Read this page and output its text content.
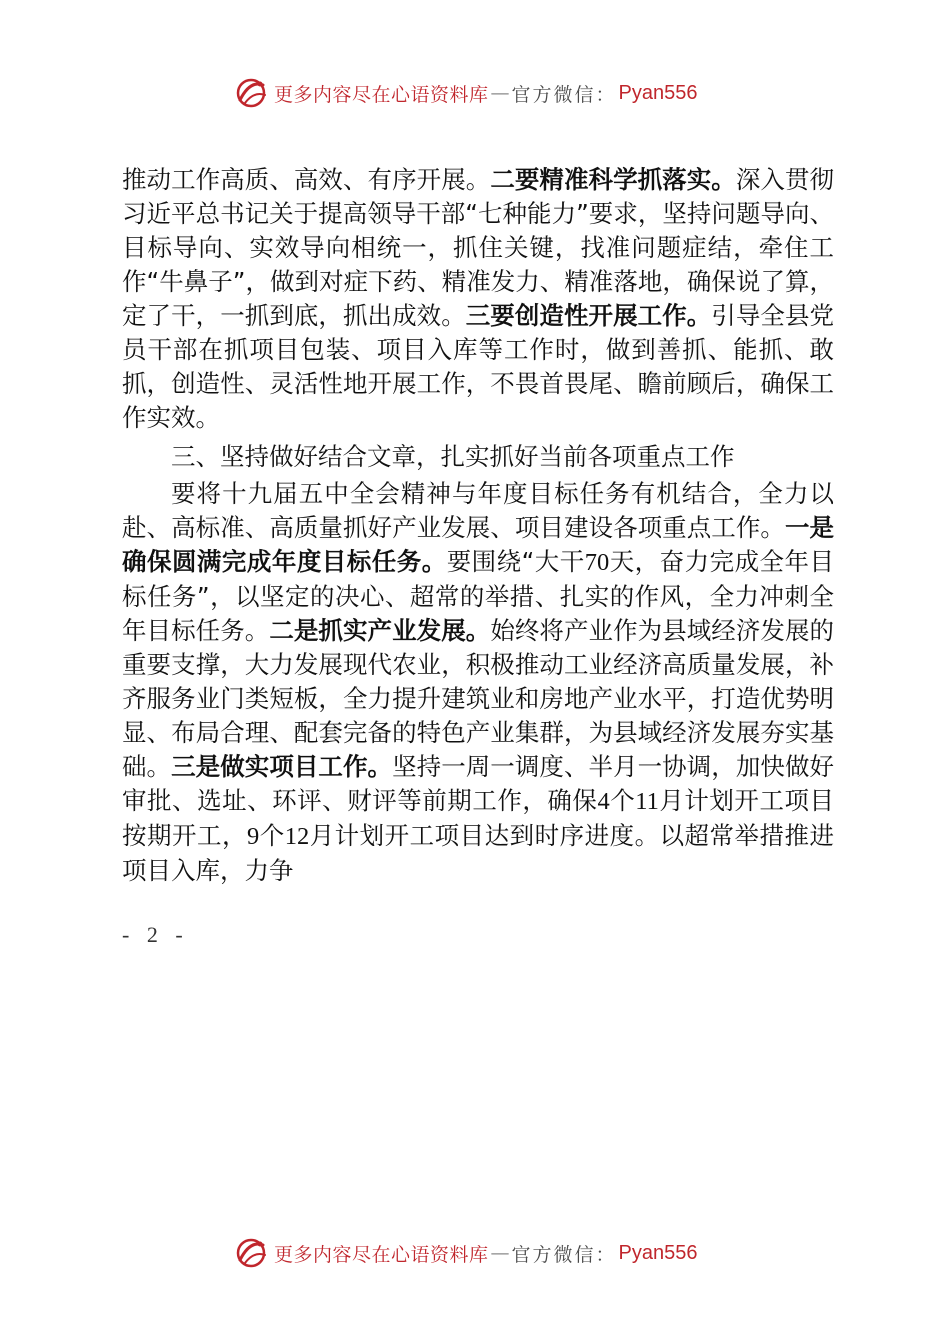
更多内容尽在心语资料库 — 官方微信： Pyan556

推动工作高质、高效、有序开展。二要精准科学抓落实。深入贯彻习近平总书记关于提高领导干部“七种能力”要求，坚持问题导向、目标导向、实效导向相统一，抓住关键，找准问题症结，牵住工作“牛鼻子”，做到对症下药、精准发力、精准落地，确保说了算，定了干，一抓到底，抓出成效。三要创造性开展工作。引导全县党员干部在抓项目包装、项目入库等工作时，做到善抓、能抓、敢抓，创造性、灵活性地开展工作，不畏首畏尾、瞻前顾后，确保工作实效。

三、坚持做好结合文章，扎实抓好当前各项重点工作

要将十九届五中全会精神与年度目标任务有机结合，全力以赴、高标准、高质量抓好产业发展、项目建设各项重点工作。一是确保圆满完成年度目标任务。要围绕“大干70天，奋力完成全年目标任务”，以坚定的决心、超常的举措、扎实的作风，全力冲刺全年目标任务。二是抓实产业发展。始终将产业作为县域经济发展的重要支撑，大力发展现代农业，积极推动工业经济高质量发展，补齐服务业门类短板，全力提升建筑业和房地产业水平，打造优势明显、布局合理、配套完备的特色产业集群，为县域经济发展夯实基础。三是做实项目工作。坚持一周一调度、半月一协调，加快做好审批、选址、环评、财评等前期工作，确保4个11月计划开工项目按期开工，9个12月计划开工项目达到时序进度。以超常举措推进项目入库，力争

- 2 -
更多内容尽在心语资料库 — 官方微信： Pyan556
